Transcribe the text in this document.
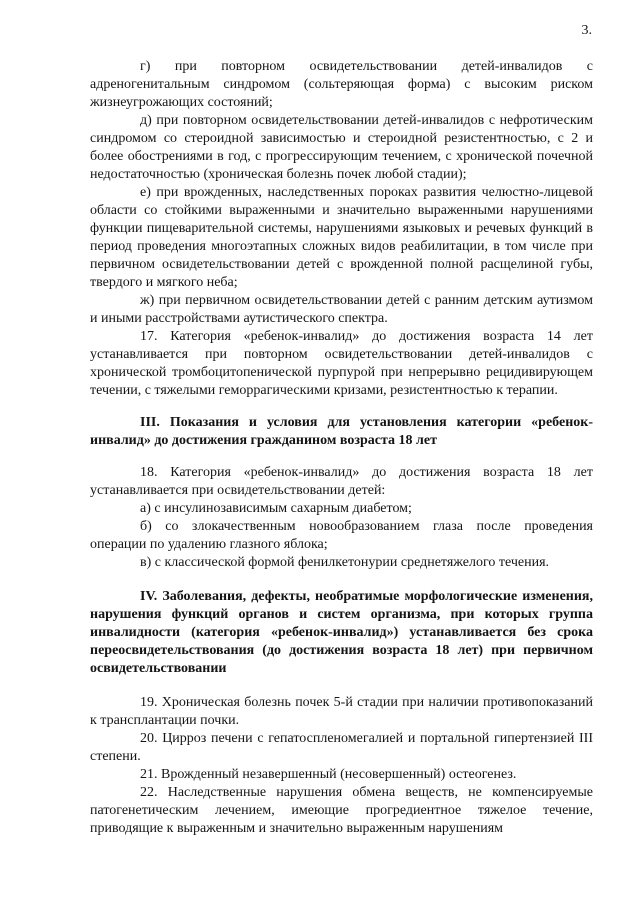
3.

г) при повторном освидетельствовании детей-инвалидов с адреногенитальным синдромом (сольтеряющая форма) с высоким риском жизнеугрожающих состояний;

д) при повторном освидетельствовании детей-инвалидов с нефротическим синдромом со стероидной зависимостью и стероидной резистентностью, с 2 и более обострениями в год, с прогрессирующим течением, с хронической почечной недостаточностью (хроническая болезнь почек любой стадии);

е) при врожденных, наследственных пороках развития челюстно-лицевой области со стойкими выраженными и значительно выраженными нарушениями функции пищеварительной системы, нарушениями языковых и речевых функций в период проведения многоэтапных сложных видов реабилитации, в том числе при первичном освидетельствовании детей с врожденной полной расщелиной губы, твердого и мягкого неба;

ж) при первичном освидетельствовании детей с ранним детским аутизмом и иными расстройствами аутистического спектра.

17. Категория «ребенок-инвалид» до достижения возраста 14 лет устанавливается при повторном освидетельствовании детей-инвалидов с хронической тромбоцитопенической пурпурой при непрерывно рецидивирующем течении, с тяжелыми геморрагическими кризами, резистентностью к терапии.

III. Показания и условия для установления категории «ребенок-инвалид» до достижения гражданином возраста 18 лет

18. Категория «ребенок-инвалид» до достижения возраста 18 лет устанавливается при освидетельствовании детей:

а) с инсулинозависимым сахарным диабетом;

б) со злокачественным новообразованием глаза после проведения операции по удалению глазного яблока;

в) с классической формой фенилкетонурии среднетяжелого течения.

IV. Заболевания, дефекты, необратимые морфологические изменения, нарушения функций органов и систем организма, при которых группа инвалидности (категория «ребенок-инвалид») устанавливается без срока переосвидетельствования (до достижения возраста 18 лет) при первичном освидетельствовании

19. Хроническая болезнь почек 5-й стадии при наличии противопоказаний к трансплантации почки.

20. Цирроз печени с гепатоспленомегалией и портальной гипертензией III степени.

21. Врожденный незавершенный (несовершенный) остеогенез.

22. Наследственные нарушения обмена веществ, не компенсируемые патогенетическим лечением, имеющие прогредиентное тяжелое течение, приводящие к выраженным и значительно выраженным нарушениям
